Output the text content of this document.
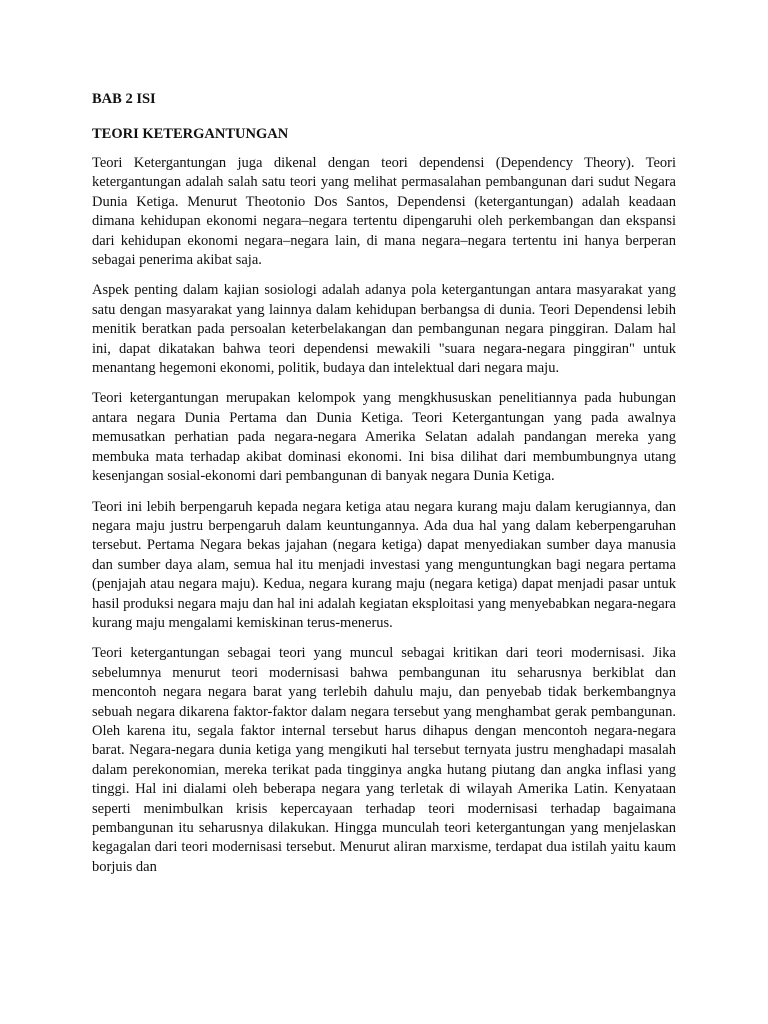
BAB 2 ISI
TEORI KETERGANTUNGAN

Teori Ketergantungan juga dikenal dengan teori dependensi (Dependency Theory). Teori ketergantungan adalah salah satu teori yang melihat permasalahan pembangunan dari sudut Negara Dunia Ketiga. Menurut Theotonio Dos Santos, Dependensi (ketergantungan) adalah keadaan dimana kehidupan ekonomi negara–negara tertentu dipengaruhi oleh perkembangan dan ekspansi dari kehidupan ekonomi negara–negara lain, di mana negara–negara tertentu ini hanya berperan sebagai penerima akibat saja.

Aspek penting dalam kajian sosiologi adalah adanya pola ketergantungan antara masyarakat yang satu dengan masyarakat yang lainnya dalam kehidupan berbangsa di dunia. Teori Dependensi lebih menitik beratkan pada persoalan keterbelakangan dan pembangunan negara pinggiran. Dalam hal ini, dapat dikatakan bahwa teori dependensi mewakili "suara negara-negara pinggiran" untuk menantang hegemoni ekonomi, politik, budaya dan intelektual dari negara maju.

Teori ketergantungan merupakan kelompok yang mengkhususkan penelitiannya pada hubungan antara negara Dunia Pertama dan Dunia Ketiga. Teori Ketergantungan yang pada awalnya memusatkan perhatian pada negara-negara Amerika Selatan adalah pandangan mereka yang membuka mata terhadap akibat dominasi ekonomi. Ini bisa dilihat dari membumbungnya utang kesenjangan sosial-ekonomi dari pembangunan di banyak negara Dunia Ketiga.

Teori ini lebih berpengaruh kepada negara ketiga atau negara kurang maju dalam kerugiannya, dan negara maju justru berpengaruh dalam keuntungannya. Ada dua hal yang dalam keberpengaruhan tersebut. Pertama Negara bekas jajahan (negara ketiga) dapat menyediakan sumber daya manusia dan sumber daya alam, semua hal itu menjadi investasi yang menguntungkan bagi negara pertama (penjajah atau negara maju). Kedua, negara kurang maju (negara ketiga) dapat menjadi pasar untuk hasil produksi negara maju dan hal ini adalah kegiatan eksploitasi yang menyebabkan negara-negara kurang maju mengalami kemiskinan terus-menerus.

Teori ketergantungan sebagai teori yang muncul sebagai kritikan dari teori modernisasi. Jika sebelumnya menurut teori modernisasi bahwa pembangunan itu seharusnya berkiblat dan mencontoh negara negara barat yang terlebih dahulu maju, dan penyebab tidak berkembangnya sebuah negara dikarena faktor-faktor dalam negara tersebut yang menghambat gerak pembangunan. Oleh karena itu, segala faktor internal tersebut harus dihapus dengan mencontoh negara-negara barat. Negara-negara dunia ketiga yang mengikuti hal tersebut ternyata justru menghadapi masalah dalam perekonomian, mereka terikat pada tingginya angka hutang piutang dan angka inflasi yang tinggi. Hal ini dialami oleh beberapa negara yang terletak di wilayah Amerika Latin. Kenyataan seperti menimbulkan krisis kepercayaan terhadap teori modernisasi terhadap bagaimana pembangunan itu seharusnya dilakukan. Hingga munculah teori ketergantungan yang menjelaskan kegagalan dari teori modernisasi tersebut. Menurut aliran marxisme, terdapat dua istilah yaitu kaum borjuis dan
